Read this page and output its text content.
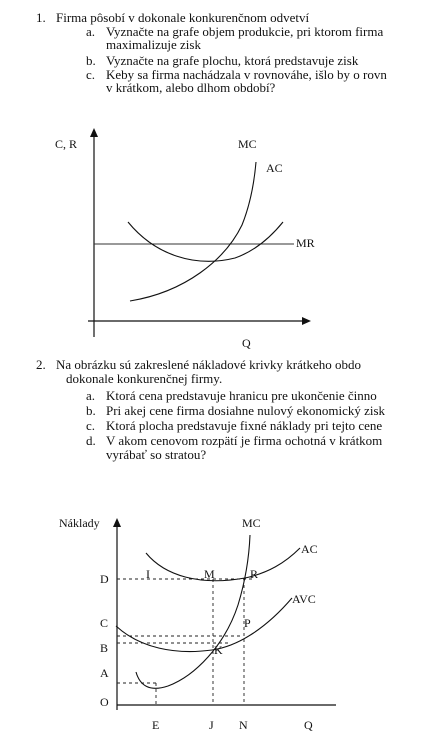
1. Firma pôsobí v dokonale konkurenčnom odvetví
a. Vyznačte na grafe objem produkcie, pri ktorom firma
maximalizuje zisk
b. Vyznačte na grafe plochu, ktorá predstavuje zisk
c. Keby sa firma nachádzala v rovnováhe, išlo by o rovn
v krátkom, alebo dlhom období?
C, R	MC
AC
MR
Q
2. Na obrázku sú zakreslené nákladové krivky krátkeho obdo
dokonale konkurenčnej firmy.
a. Ktorá cena predstavuje hranicu pre ukončenie činno
b. Pri akej cene firma dosiahne nulový ekonomický zisk
c. Ktorá plocha predstavuje fixné náklady pri tejto cene
d. V akom cenovom rozpätí je firma ochotná v krátkom
vyrábať so stratou?
Náklady	MC
AC
AVC
D
C
B
A
O
E	J N	Q
I	M	R
P
K
